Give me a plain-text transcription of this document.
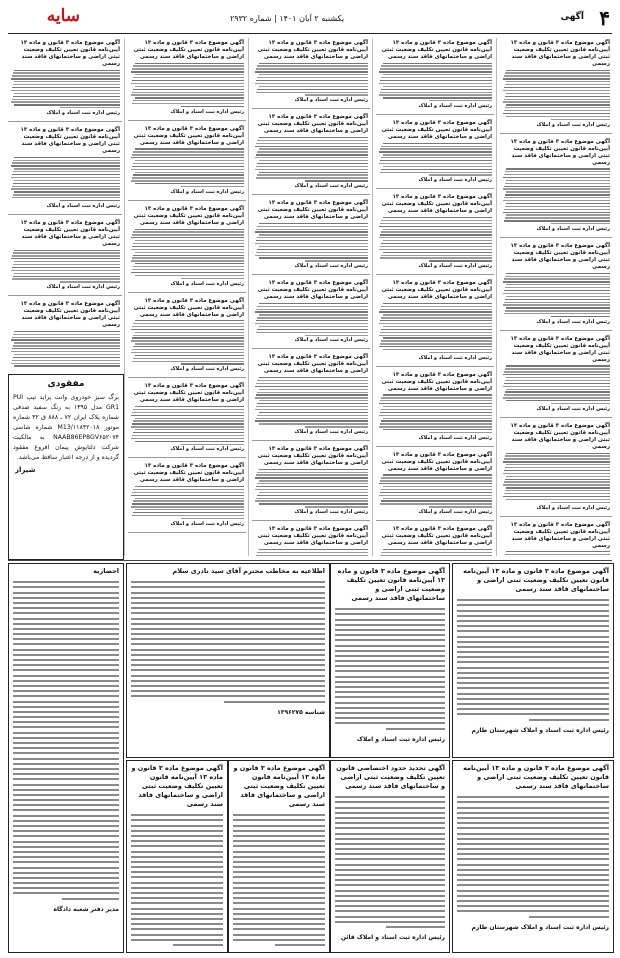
۴
آگهی
یکشنبه ۲ آبان ۱۴۰۱ | شماره ۲۹۳۲
سایه
آگهی موضوع ماده ۳ قانون و ماده ۱۳ آیین‌نامه قانون تعیین تکلیف وضعیت ثبتی اراضی و ساختمانهای فاقد سند رسمی
رئیس اداره ثبت اسناد و املاک
آگهی موضوع ماده ۳ قانون و ماده ۱۳ آیین‌نامه قانون تعیین تکلیف وضعیت ثبتی اراضی و ساختمانهای فاقد سند رسمی
رئیس اداره ثبت اسناد و املاک
آگهی موضوع ماده ۳ قانون و ماده ۱۳ آیین‌نامه قانون تعیین تکلیف وضعیت ثبتی اراضی و ساختمانهای فاقد سند رسمی
رئیس اداره ثبت اسناد و املاک
آگهی موضوع ماده ۳ قانون و ماده ۱۳ آیین‌نامه قانون تعیین تکلیف وضعیت ثبتی اراضی و ساختمانهای فاقد سند رسمی
رئیس اداره ثبت اسناد و املاک
آگهی موضوع ماده ۳ قانون و ماده ۱۳ آیین‌نامه قانون تعیین تکلیف وضعیت ثبتی اراضی و ساختمانهای فاقد سند رسمی
رئیس اداره ثبت اسناد و املاک
آگهی موضوع ماده ۳ قانون و ماده ۱۳ آیین‌نامه قانون تعیین تکلیف وضعیت ثبتی اراضی و ساختمانهای فاقد سند رسمی
آگهی موضوع ماده ۳ قانون و ماده ۱۳ آیین‌نامه قانون تعیین تکلیف وضعیت ثبتی اراضی و ساختمانهای فاقد سند رسمی
رئیس اداره ثبت اسناد و املاک
آگهی موضوع ماده ۳ قانون و ماده ۱۳ آیین‌نامه قانون تعیین تکلیف وضعیت ثبتی اراضی و ساختمانهای فاقد سند رسمی
رئیس اداره ثبت اسناد و املاک
آگهی موضوع ماده ۳ قانون و ماده ۱۳ آیین‌نامه قانون تعیین تکلیف وضعیت ثبتی اراضی و ساختمانهای فاقد سند رسمی
رئیس اداره ثبت اسناد و املاک
آگهی موضوع ماده ۳ قانون و ماده ۱۳ آیین‌نامه قانون تعیین تکلیف وضعیت ثبتی اراضی و ساختمانهای فاقد سند رسمی
رئیس اداره ثبت اسناد و املاک
آگهی موضوع ماده ۳ قانون و ماده ۱۳ آیین‌نامه قانون تعیین تکلیف وضعیت ثبتی اراضی و ساختمانهای فاقد سند رسمی
رئیس اداره ثبت اسناد و املاک
آگهی موضوع ماده ۳ قانون و ماده ۱۳ آیین‌نامه قانون تعیین تکلیف وضعیت ثبتی اراضی و ساختمانهای فاقد سند رسمی
رئیس اداره ثبت اسناد و املاک
آگهی موضوع ماده ۳ قانون و ماده ۱۳ آیین‌نامه قانون تعیین تکلیف وضعیت ثبتی اراضی و ساختمانهای فاقد سند رسمی
آگهی موضوع ماده ۳ قانون و ماده ۱۳ آیین‌نامه قانون تعیین تکلیف وضعیت ثبتی اراضی و ساختمانهای فاقد سند رسمی
رئیس اداره ثبت اسناد و املاک
آگهی موضوع ماده ۳ قانون و ماده ۱۳ آیین‌نامه قانون تعیین تکلیف وضعیت ثبتی اراضی و ساختمانهای فاقد سند رسمی
رئیس اداره ثبت اسناد و املاک
آگهی موضوع ماده ۳ قانون و ماده ۱۳ آیین‌نامه قانون تعیین تکلیف وضعیت ثبتی اراضی و ساختمانهای فاقد سند رسمی
رئیس اداره ثبت اسناد و املاک
آگهی موضوع ماده ۳ قانون و ماده ۱۳ آیین‌نامه قانون تعیین تکلیف وضعیت ثبتی اراضی و ساختمانهای فاقد سند رسمی
رئیس اداره ثبت اسناد و املاک
آگهی موضوع ماده ۳ قانون و ماده ۱۳ آیین‌نامه قانون تعیین تکلیف وضعیت ثبتی اراضی و ساختمانهای فاقد سند رسمی
رئیس اداره ثبت اسناد و املاک
آگهی موضوع ماده ۳ قانون و ماده ۱۳ آیین‌نامه قانون تعیین تکلیف وضعیت ثبتی اراضی و ساختمانهای فاقد سند رسمی
رئیس اداره ثبت اسناد و املاک
آگهی موضوع ماده ۳ قانون و ماده ۱۳ آیین‌نامه قانون تعیین تکلیف وضعیت ثبتی اراضی و ساختمانهای فاقد سند رسمی
آگهی موضوع ماده ۳ قانون و ماده ۱۳ آیین‌نامه قانون تعیین تکلیف وضعیت ثبتی اراضی و ساختمانهای فاقد سند رسمی
رئیس اداره ثبت اسناد و املاک
آگهی موضوع ماده ۳ قانون و ماده ۱۳ آیین‌نامه قانون تعیین تکلیف وضعیت ثبتی اراضی و ساختمانهای فاقد سند رسمی
رئیس اداره ثبت اسناد و املاک
آگهی موضوع ماده ۳ قانون و ماده ۱۳ آیین‌نامه قانون تعیین تکلیف وضعیت ثبتی اراضی و ساختمانهای فاقد سند رسمی
رئیس اداره ثبت اسناد و املاک
آگهی موضوع ماده ۳ قانون و ماده ۱۳ آیین‌نامه قانون تعیین تکلیف وضعیت ثبتی اراضی و ساختمانهای فاقد سند رسمی
رئیس اداره ثبت اسناد و املاک
آگهی موضوع ماده ۳ قانون و ماده ۱۳ آیین‌نامه قانون تعیین تکلیف وضعیت ثبتی اراضی و ساختمانهای فاقد سند رسمی
رئیس اداره ثبت اسناد و املاک
آگهی موضوع ماده ۳ قانون و ماده ۱۳ آیین‌نامه قانون تعیین تکلیف وضعیت ثبتی اراضی و ساختمانهای فاقد سند رسمی
رئیس اداره ثبت اسناد و املاک
آگهی موضوع ماده ۳ قانون و ماده ۱۳ آیین‌نامه قانون تعیین تکلیف وضعیت ثبتی اراضی و ساختمانهای فاقد سند رسمی
رئیس اداره ثبت اسناد و املاک
آگهی موضوع ماده ۳ قانون و ماده ۱۳ آیین‌نامه قانون تعیین تکلیف وضعیت ثبتی اراضی و ساختمانهای فاقد سند رسمی
رئیس اداره ثبت اسناد و املاک
آگهی موضوع ماده ۳ قانون و ماده ۱۳ آیین‌نامه قانون تعیین تکلیف وضعیت ثبتی اراضی و ساختمانهای فاقد سند رسمی
رئیس اداره ثبت اسناد و املاک
آگهی موضوع ماده ۳ قانون و ماده ۱۳ آیین‌نامه قانون تعیین تکلیف وضعیت ثبتی اراضی و ساختمانهای فاقد سند رسمی
مفقودی
برگ سبز خودروی وانت پراید تیپ PUI GR1 مدل ۱۳۹۵ به رنگ سفید صدفی شماره پلاک ایران ۷۲ ـ ۸۸۸ ق ۳۲ شماره موتور M13/۱۱۸۴۲۰۱۸ شماره شاسی NAAB86EP8GV۶۵۲۰۷۴ به مالکیت شرکت دلتاپوش پیمان افروغ مفقود گردیده و از درجه اعتبار ساقط می‌باشد.
شیراز
احضاریه
مدیر دفتر شعبه دادگاه
آگهی موضوع ماده ۳ قانون و ماده ۱۳ آیین‌نامه قانون تعیین تکلیف وضعیت ثبتی اراضی و ساختمانهای فاقد سند رسمی
آگهی موضوع ماده ۳ قانون و ماده ۱۳ آیین‌نامه قانون تعیین تکلیف وضعیت ثبتی اراضی و ساختمانهای فاقد سند رسمی
آگهی تحدید حدود اختصاصی قانون تعیین تکلیف وضعیت ثبتی اراضی و ساختمانهای فاقد سند رسمی
رئیس اداره ثبت اسناد و املاک قائن
اطلاعیه به مخاطب محترم آقای سید نادری سلام
شناسه ۱۳۹۶۲۷۵
آگهی موضوع ماده ۳ قانون و ماده ۱۳ آیین‌نامه قانون تعیین تکلیف وضعیت ثبتی اراضی و ساختمانهای فاقد سند رسمی
رئیس اداره ثبت اسناد و املاک
آگهی موضوع ماده ۳ قانون و ماده ۱۳ آیین‌نامه قانون تعیین تکلیف وضعیت ثبتی اراضی و ساختمانهای فاقد سند رسمی
رئیس اداره ثبت اسناد و املاک شهرستان طارم
آگهی موضوع ماده ۳ قانون و ماده ۱۳ آیین‌نامه قانون تعیین تکلیف وضعیت ثبتی اراضی و ساختمانهای فاقد سند رسمی
رئیس اداره ثبت اسناد و املاک شهرستان طارم
